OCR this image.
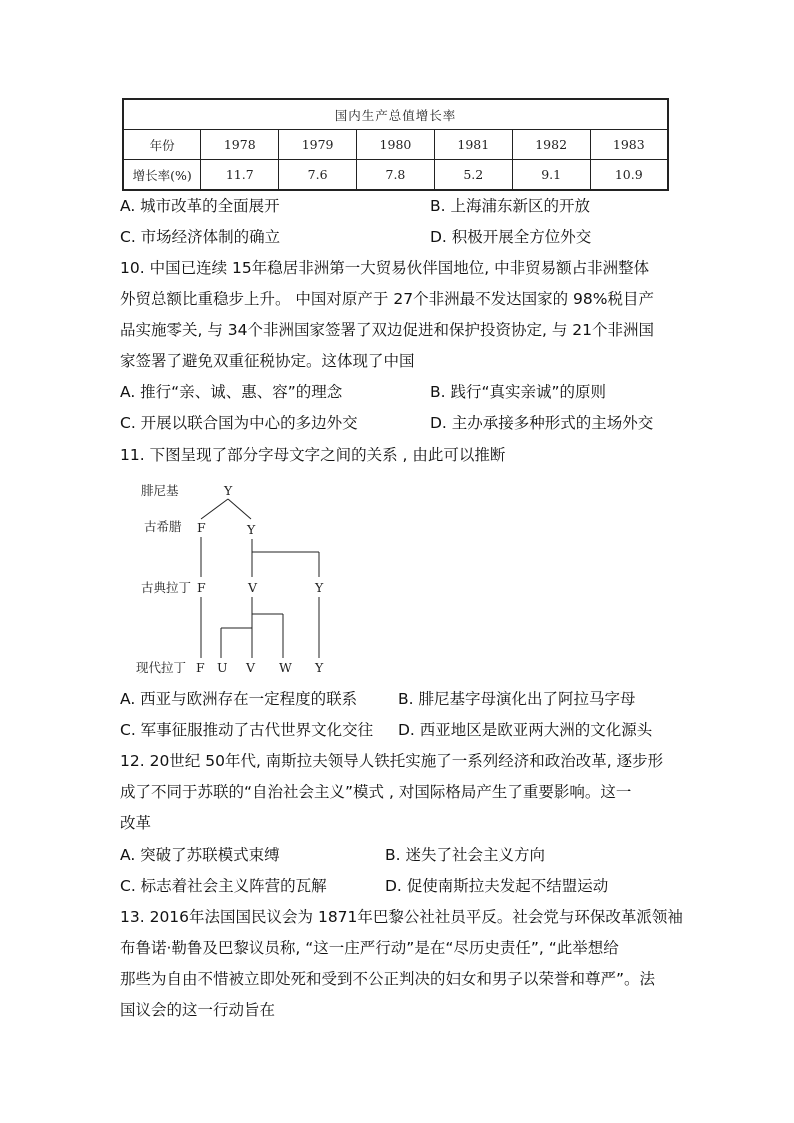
国内生产总值增长率						
年份	1978	1979	1980	1981	1982	1983
增长率(%)	11.7	7.6	7.8	5.2	9.1	10.9
A. 城市改革的全面展开	B. 上海浦东新区的开放
C. 市场经济体制的确立	D. 积极开展全方位外交
10. 中国已连续 15年稳居非洲第一大贸易伙伴国地位, 中非贸易额占非洲整体
外贸总额比重稳步上升。 中国对原产于 27个非洲最不发达国家的 98%税目产
品实施零关, 与 34个非洲国家签署了双边促进和保护投资协定, 与 21个非洲国
家签署了避免双重征税协定。这体现了中国
A. 推行“亲、诚、惠、容”的理念	B. 践行“真实亲诚”的原则
C. 开展以联合国为中心的多边外交	D. 主办承接多种形式的主场外交
11. 下图呈现了部分字母文字之间的关系 , 由此可以推断
腓尼基
古希腊
古典拉丁
现代拉丁
Y
F	Y
F	V	Y
F U V W Y
A. 西亚与欧洲存在一定程度的联系	B. 腓尼基字母演化出了阿拉马字母
C. 军事征服推动了古代世界文化交往 D. 西亚地区是欧亚两大洲的文化源头
12. 20世纪 50年代, 南斯拉夫领导人铁托实施了一系列经济和政治改革, 逐步形
成了不同于苏联的“自治社会主义”模式 , 对国际格局产生了重要影响。这一
改革
A. 突破了苏联模式束缚	B. 迷失了社会主义方向
C. 标志着社会主义阵营的瓦解	D. 促使南斯拉夫发起不结盟运动
13. 2016年法国国民议会为 1871年巴黎公社社员平反。社会党与环保改革派领袖
布鲁诺·勒鲁及巴黎议员称, “这一庄严行动”是在“尽历史责任”, “此举想给
那些为自由不惜被立即处死和受到不公正判决的妇女和男子以荣誉和尊严”。法
国议会的这一行动旨在
